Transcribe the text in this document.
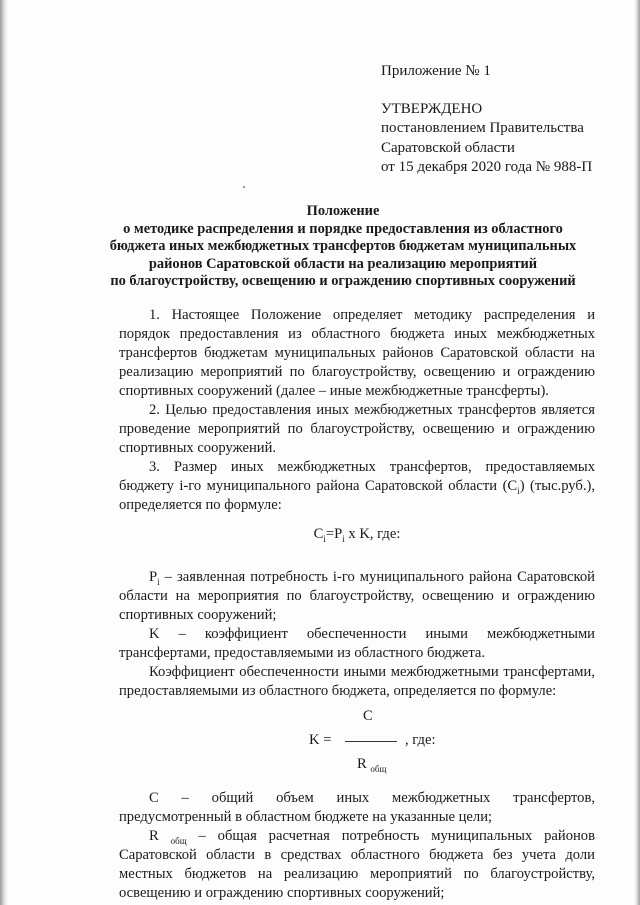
Приложение № 1
УТВЕРЖДЕНО
постановлением Правительства
Саратовской области
от 15 декабря 2020 года № 988-П
Положение
о методике распределения и порядке предоставления из областного
бюджета иных межбюджетных трансфертов бюджетам муниципальных
районов Саратовской области на реализацию мероприятий
по благоустройству, освещению и ограждению спортивных сооружений

1. Настоящее Положение определяет методику распределения и порядок предоставления из областного бюджета иных межбюджетных трансфертов бюджетам муниципальных районов Саратовской области на реализацию мероприятий по благоустройству, освещению и ограждению спортивных сооружений (далее – иные межбюджетные трансферты).

2. Целью предоставления иных межбюджетных трансфертов является проведение мероприятий по благоустройству, освещению и ограждению спортивных сооружений.

3. Размер иных межбюджетных трансфертов, предоставляемых бюджету i-го муниципального района Саратовской области $(C_i)$ (тыс.руб.), определяется по формуле:

$C_i=P_i$ x K, где:

$P_i$ – заявленная потребность i-го муниципального района Саратовской области на мероприятия по благоустройству, освещению и ограждению спортивных сооружений;

K – коэффициент обеспеченности иными межбюджетными трансфертами, предоставляемыми из областного бюджета.

Коэффициент обеспеченности иными межбюджетными трансфертами, предоставляемыми из областного бюджета, определяется по формуле:

C
K =	, где:
R $_{общ}$

C – общий объем иных межбюджетных трансфертов, предусмотренный в областном бюджете на указанные цели;

R $_{общ}$ – общая расчетная потребность муниципальных районов Саратовской области в средствах областного бюджета без учета доли местных бюджетов на реализацию мероприятий по благоустройству, освещению и ограждению спортивных сооружений;
